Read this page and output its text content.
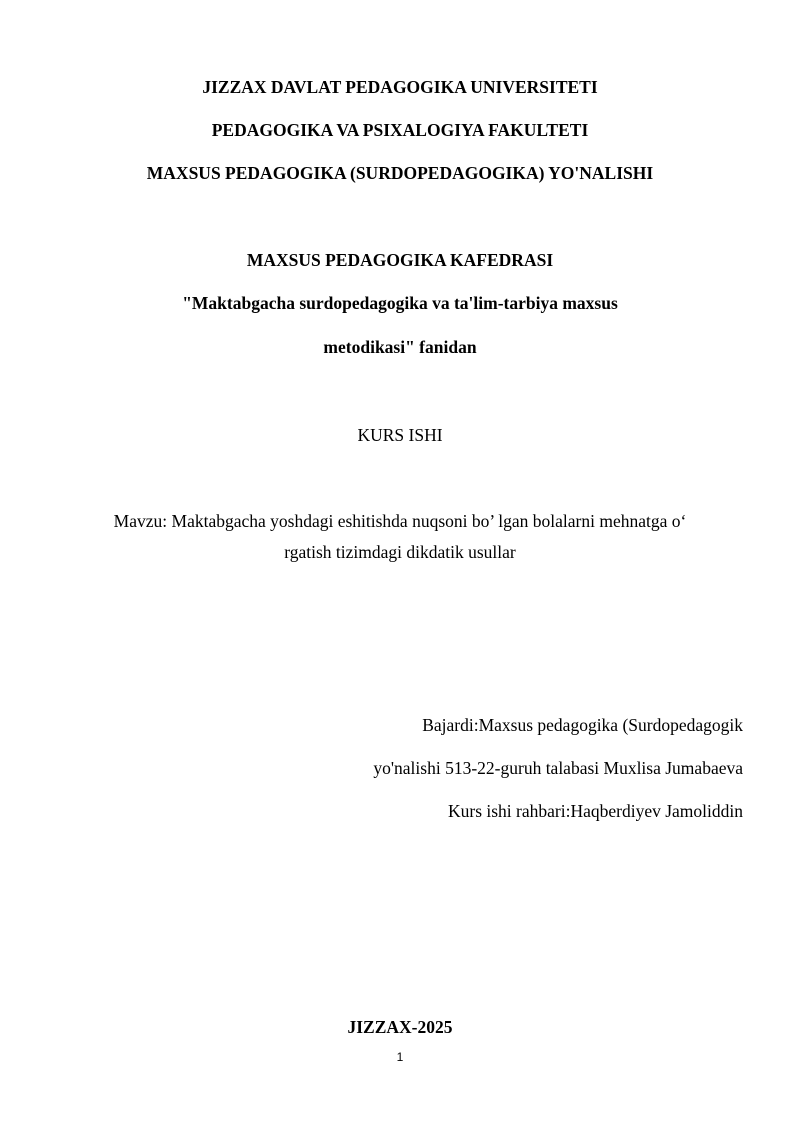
JIZZAX DAVLAT PEDAGOGIKA UNIVERSITETI
PEDAGOGIKA VA PSIXALOGIYA FAKULTETI
MAXSUS PEDAGOGIKA (SURDOPEDAGOGIKA) YO'NALISHI
MAXSUS PEDAGOGIKA KAFEDRASI
"Maktabgacha surdopedagogika va ta'lim-tarbiya maxsus
metodikasi" fanidan
KURS ISHI
Mavzu: Maktabgacha yoshdagi eshitishda nuqsoni bo’ lgan bolalarni mehnatga o‘
rgatish tizimdagi dikdatik usullar
Bajardi:Maxsus pedagogika (Surdopedagogik
yo'nalishi 513-22-guruh talabasi Muxlisa Jumabaeva
Kurs ishi rahbari:Haqberdiyev Jamoliddin
JIZZAX-2025
1
